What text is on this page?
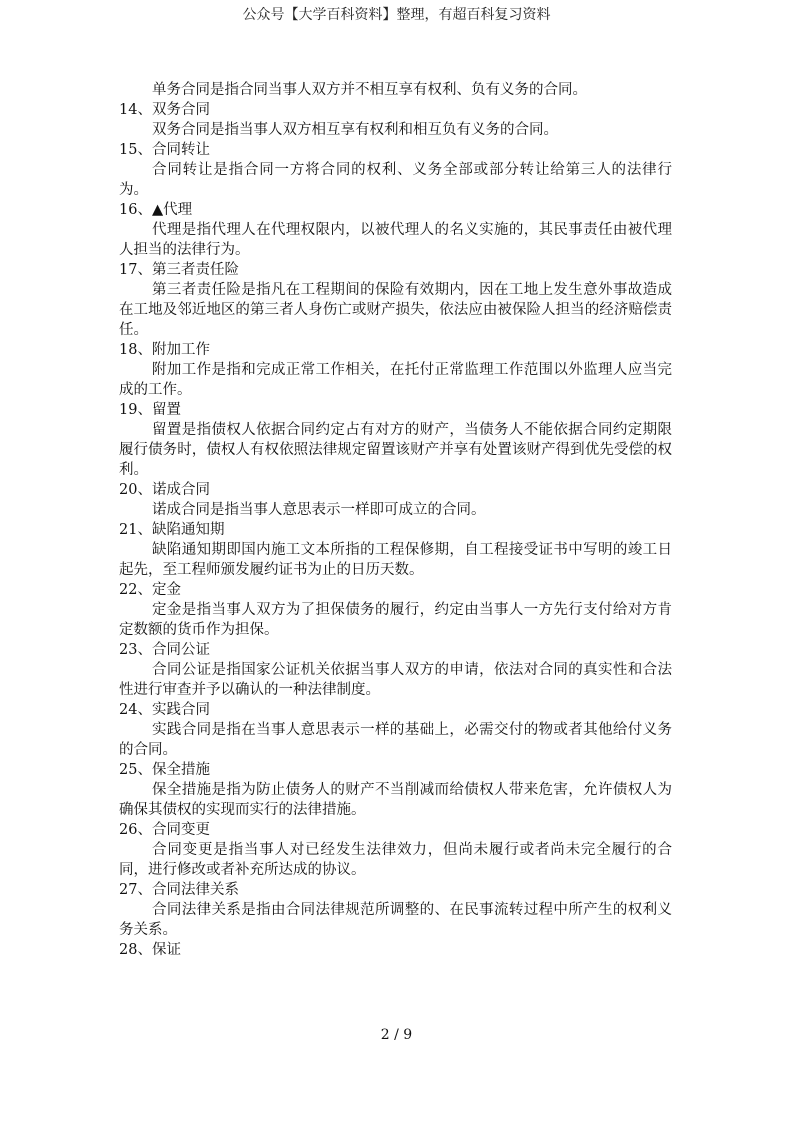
公众号【大学百科资料】整理，有超百科复习资料
单务合同是指合同当事人双方并不相互享有权利、负有义务的合同。
14、双务合同
双务合同是指当事人双方相互享有权利和相互负有义务的合同。
15、合同转让
合同转让是指合同一方将合同的权利、义务全部或部分转让给第三人的法律行为。
16、▲代理
代理是指代理人在代理权限内，以被代理人的名义实施的，其民事责任由被代理人担当的法律行为。
17、第三者责任险
第三者责任险是指凡在工程期间的保险有效期内，因在工地上发生意外事故造成在工地及邻近地区的第三者人身伤亡或财产损失，依法应由被保险人担当的经济赔偿责任。
18、附加工作
附加工作是指和完成正常工作相关，在托付正常监理工作范围以外监理人应当完成的工作。
19、留置
留置是指债权人依据合同约定占有对方的财产，当债务人不能依据合同约定期限履行债务时，债权人有权依照法律规定留置该财产并享有处置该财产得到优先受偿的权利。
20、诺成合同
诺成合同是指当事人意思表示一样即可成立的合同。
21、缺陷通知期
缺陷通知期即国内施工文本所指的工程保修期，自工程接受证书中写明的竣工日起先，至工程师颁发履约证书为止的日历天数。
22、定金
定金是指当事人双方为了担保债务的履行，约定由当事人一方先行支付给对方肯定数额的货币作为担保。
23、合同公证
合同公证是指国家公证机关依据当事人双方的申请，依法对合同的真实性和合法性进行审查并予以确认的一种法律制度。
24、实践合同
实践合同是指在当事人意思表示一样的基础上，必需交付的物或者其他给付义务的合同。
25、保全措施
保全措施是指为防止债务人的财产不当削减而给债权人带来危害，允许债权人为确保其债权的实现而实行的法律措施。
26、合同变更
合同变更是指当事人对已经发生法律效力，但尚未履行或者尚未完全履行的合同，进行修改或者补充所达成的协议。
27、合同法律关系
合同法律关系是指由合同法律规范所调整的、在民事流转过程中所产生的权利义务关系。
28、保证
2 / 9
